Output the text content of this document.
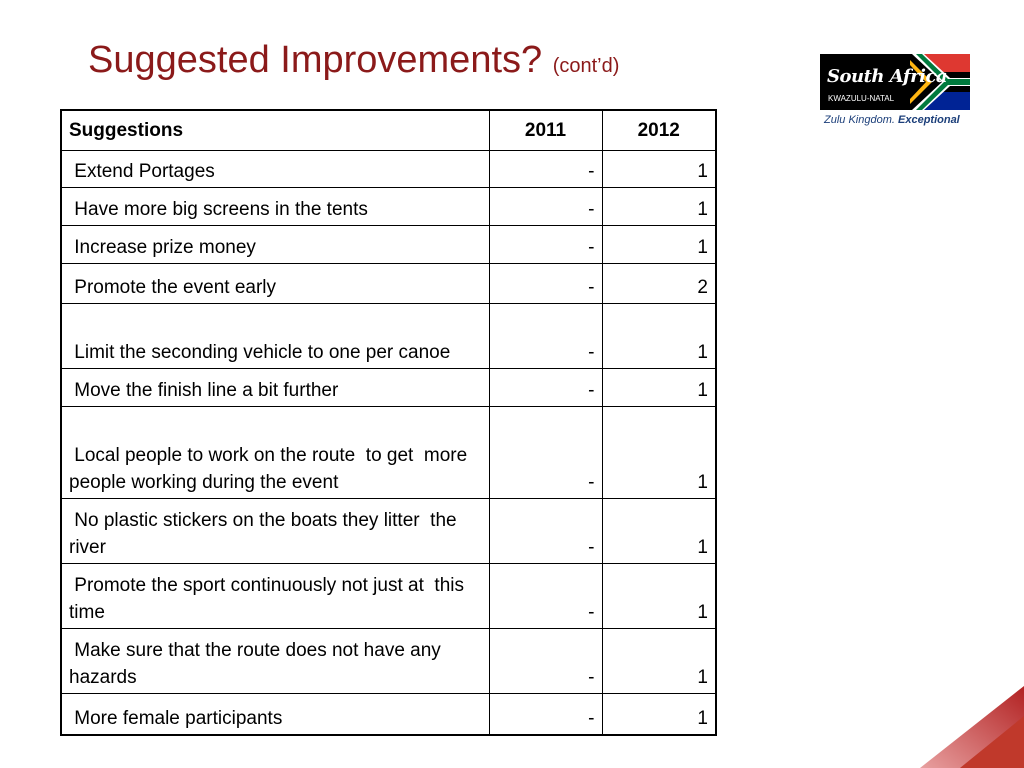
Suggested Improvements? (cont’d)	South Africa
KWAZULU-NATAL
Zulu Kingdom. Exceptional
Suggestions	2011	2012
Extend Portages	-	1
Have more big screens in the tents	-	1
Increase prize money	-	1
Promote the event early	-	2
Limit the seconding vehicle to one per canoe	-	1
Move the finish line a bit further	-	1
Local people to work on the route  to get  more people working during the event	-	1
No plastic stickers on the boats they litter  the river	-	1
Promote the sport continuously not just at  this time	-	1
Make sure that the route does not have any hazards	-	1
More female participants	-	1
